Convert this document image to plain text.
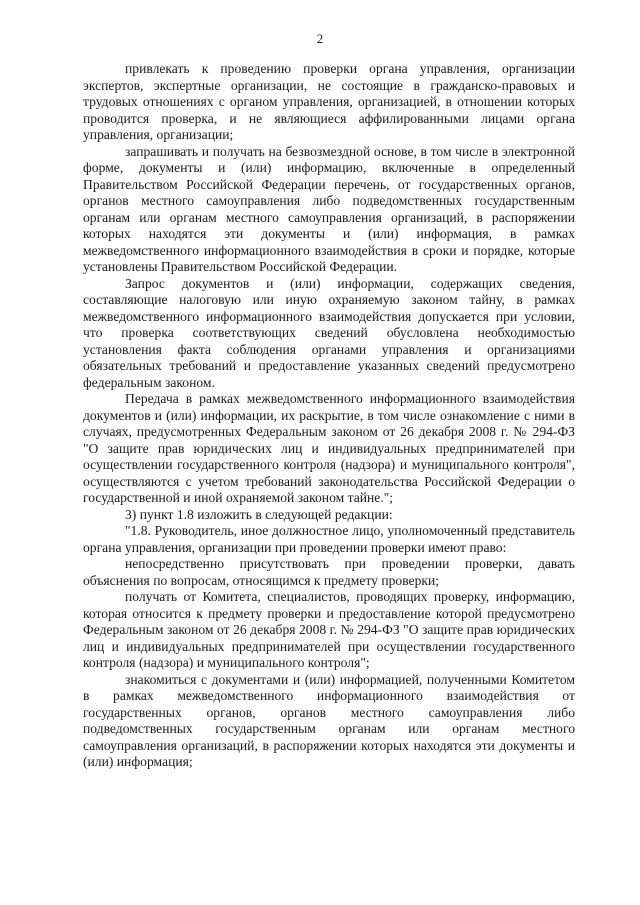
2

привлекать к проведению проверки органа управления, организации экспертов, экспертные организации, не состоящие в гражданско-правовых и трудовых отношениях с органом управления, организацией, в отношении которых проводится проверка, и не являющиеся аффилированными лицами органа управления, организации;

запрашивать и получать на безвозмездной основе, в том числе в электронной форме, документы и (или) информацию, включенные в определенный Правительством Российской Федерации перечень, от государственных органов, органов местного самоуправления либо подведомственных государственным органам или органам местного самоуправления организаций, в распоряжении которых находятся эти документы и (или) информация, в рамках межведомственного информационного взаимодействия в сроки и порядке, которые установлены Правительством Российской Федерации.

Запрос документов и (или) информации, содержащих сведения, составляющие налоговую или иную охраняемую законом тайну, в рамках межведомственного информационного взаимодействия допускается при условии, что проверка соответствующих сведений обусловлена необходимостью установления факта соблюдения органами управления и организациями обязательных требований и предоставление указанных сведений предусмотрено федеральным законом.

Передача в рамках межведомственного информационного взаимодействия документов и (или) информации, их раскрытие, в том числе ознакомление с ними в случаях, предусмотренных Федеральным законом от 26 декабря 2008 г. № 294-ФЗ "О защите прав юридических лиц и индивидуальных предпринимателей при осуществлении государственного контроля (надзора) и муниципального контроля", осуществляются с учетом требований законодательства Российской Федерации о государственной и иной охраняемой законом тайне.";

3) пункт 1.8 изложить в следующей редакции:

"1.8. Руководитель, иное должностное лицо, уполномоченный представитель органа управления, организации при проведении проверки имеют право:

непосредственно присутствовать при проведении проверки, давать объяснения по вопросам, относящимся к предмету проверки;

получать от Комитета, специалистов, проводящих проверку, информацию, которая относится к предмету проверки и предоставление которой предусмотрено Федеральным законом от 26 декабря 2008 г. № 294-ФЗ "О защите прав юридических лиц и индивидуальных предпринимателей при осуществлении государственного контроля (надзора) и муниципального контроля";

знакомиться с документами и (или) информацией, полученными Комитетом в рамках межведомственного информационного взаимодействия от государственных органов, органов местного самоуправления либо подведомственных государственным органам или органам местного самоуправления организаций, в распоряжении которых находятся эти документы и (или) информация;
